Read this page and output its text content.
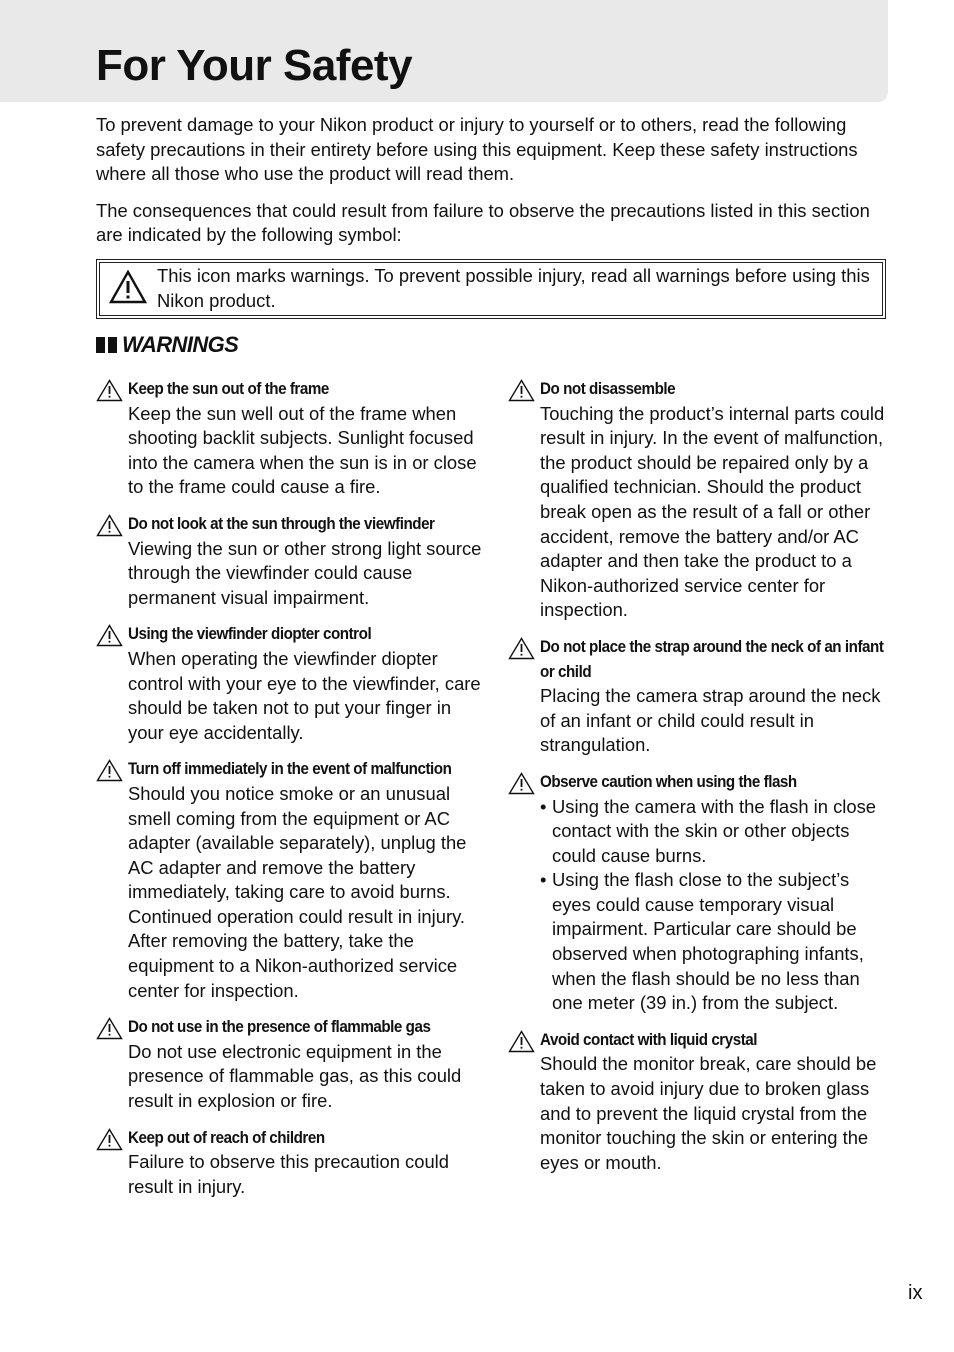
For Your Safety

To prevent damage to your Nikon product or injury to yourself or to others, read the following safety precautions in their entirety before using this equipment. Keep these safety instructions where all those who use the product will read them.

The consequences that could result from failure to observe the precautions listed in this section are indicated by the following symbol:

This icon marks warnings. To prevent possible injury, read all warnings before using this Nikon product.
WARNINGS
Keep the sun out of the frame
Keep the sun well out of the frame when shooting backlit subjects. Sunlight focused into the camera when the sun is in or close to the frame could cause a fire.
Do not look at the sun through the viewfinder
Viewing the sun or other strong light source through the viewfinder could cause permanent visual impairment.
Using the viewfinder diopter control
When operating the viewfinder diopter control with your eye to the viewfinder, care should be taken not to put your finger in your eye accidentally.
Turn off immediately in the event of malfunction
Should you notice smoke or an unusual smell coming from the equipment or AC adapter (available separately), unplug the AC adapter and remove the battery immediately, taking care to avoid burns. Continued operation could result in injury. After removing the battery, take the equipment to a Nikon-authorized service center for inspection.
Do not use in the presence of flammable gas
Do not use electronic equipment in the presence of flammable gas, as this could result in explosion or fire.
Keep out of reach of children
Failure to observe this precaution could result in injury.
Do not disassemble
Touching the product’s internal parts could result in injury. In the event of malfunction, the product should be repaired only by a qualified technician. Should the product break open as the result of a fall or other accident, remove the battery and/or AC adapter and then take the product to a Nikon-authorized service center for inspection.
Do not place the strap around the neck of an infant or child
Placing the camera strap around the neck of an infant or child could result in strangulation.
Observe caution when using the flash
• Using the camera with the flash in close contact with the skin or other objects could cause burns.
• Using the flash close to the subject’s eyes could cause temporary visual impairment. Particular care should be observed when photographing infants, when the flash should be no less than one meter (39 in.) from the subject.
Avoid contact with liquid crystal
Should the monitor break, care should be taken to avoid injury due to broken glass and to prevent the liquid crystal from the monitor touching the skin or entering the eyes or mouth.
ix
